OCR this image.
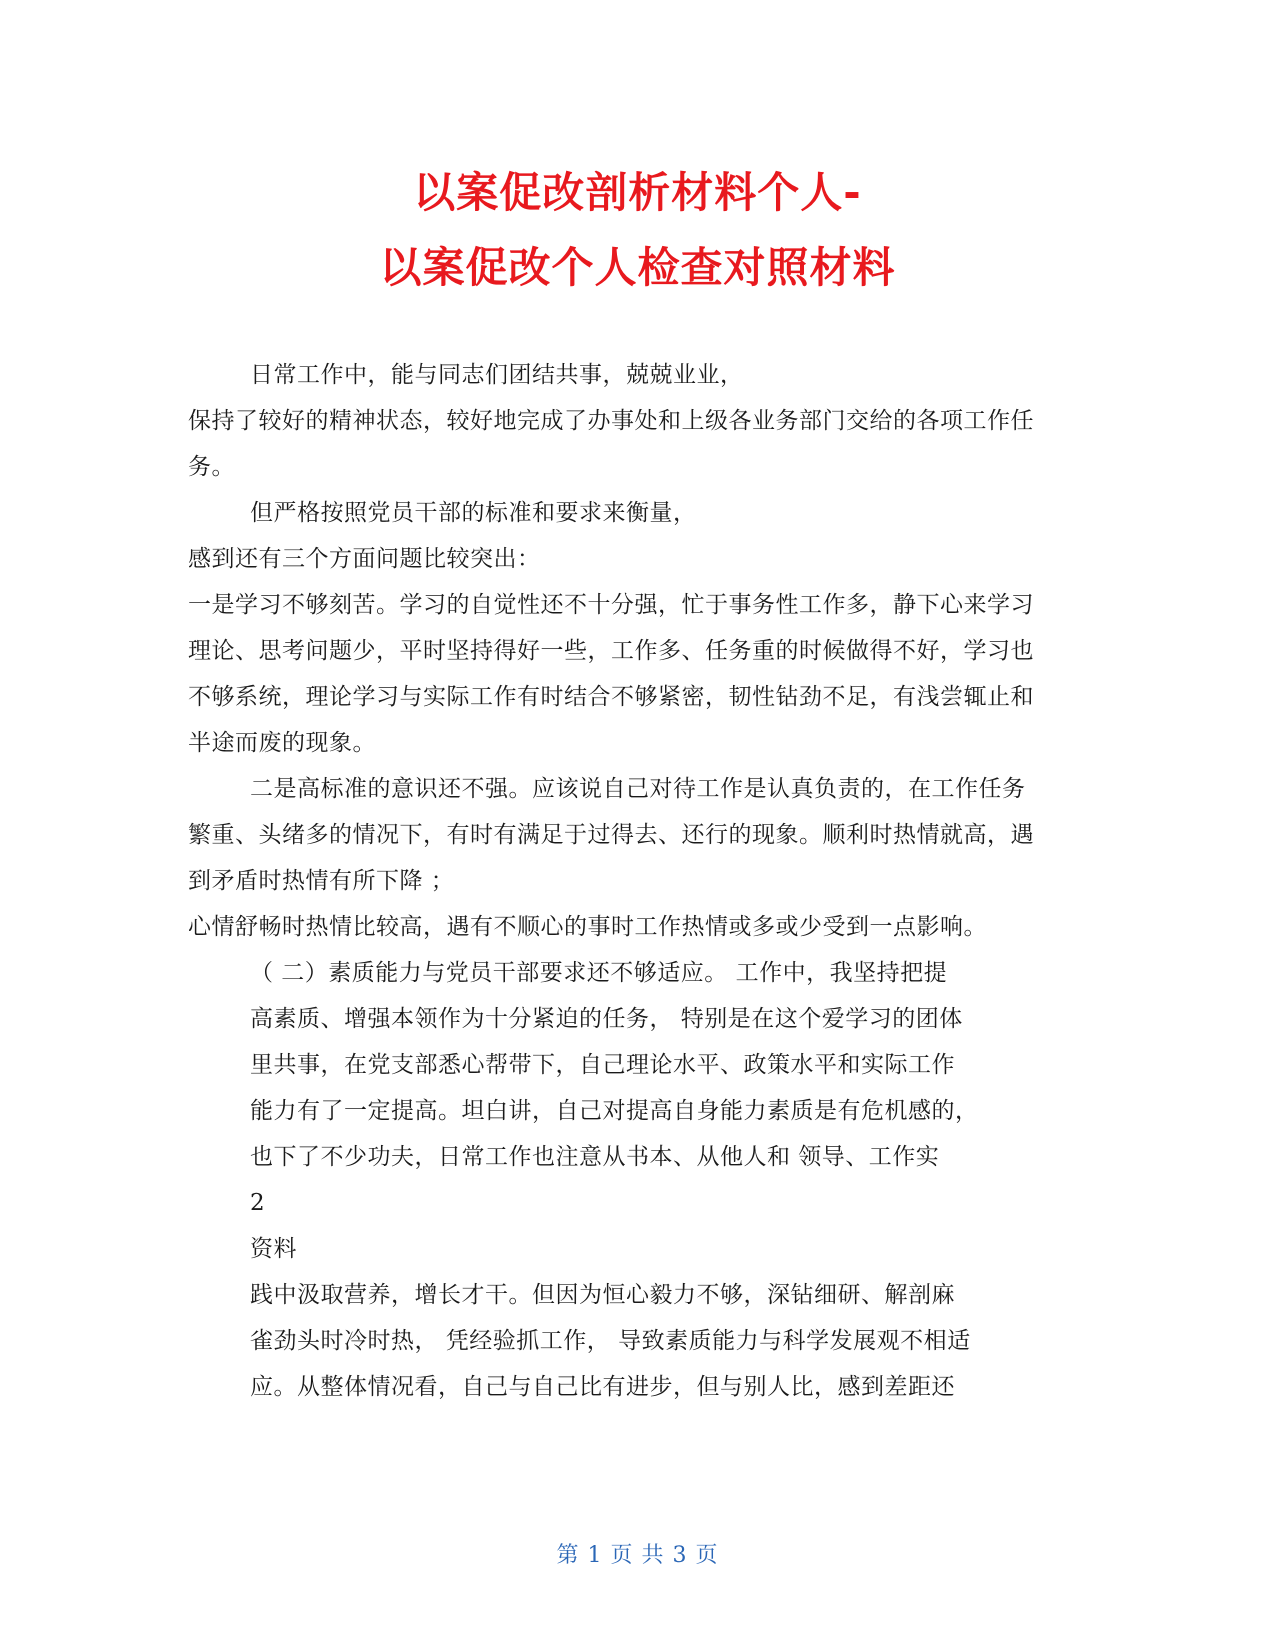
以案促改剖析材料个人-
以案促改个人检查对照材料
日常工作中，能与同志们团结共事，兢兢业业，
保持了较好的精神状态，较好地完成了办事处和上级各业务部门交给的各项工作任
务。
但严格按照党员干部的标准和要求来衡量，
感到还有三个方面问题比较突出：
一是学习不够刻苦。学习的自觉性还不十分强，忙于事务性工作多，静下心来学习
理论、思考问题少，平时坚持得好一些，工作多、任务重的时候做得不好，学习也
不够系统，理论学习与实际工作有时结合不够紧密，韧性钻劲不足，有浅尝辄止和
半途而废的现象。
二是高标准的意识还不强。应该说自己对待工作是认真负责的，在工作任务
繁重、头绪多的情况下，有时有满足于过得去、还行的现象。顺利时热情就高，遇
到矛盾时热情有所下降 ；
心情舒畅时热情比较高，遇有不顺心的事时工作热情或多或少受到一点影响。
（ 二）素质能力与党员干部要求还不够适应。 工作中，我坚持把提
高素质、增强本领作为十分紧迫的任务， 特别是在这个爱学习的团体
里共事，在党支部悉心帮带下，自己理论水平、政策水平和实际工作
能力有了一定提高。坦白讲，自己对提高自身能力素质是有危机感的，
也下了不少功夫，日常工作也注意从书本、从他人和 领导、工作实
2
资料
践中汲取营养，增长才干。但因为恒心毅力不够，深钻细研、解剖麻
雀劲头时冷时热， 凭经验抓工作， 导致素质能力与科学发展观不相适
应。从整体情况看，自己与自己比有进步，但与别人比，感到差距还
第 1 页 共 3 页
